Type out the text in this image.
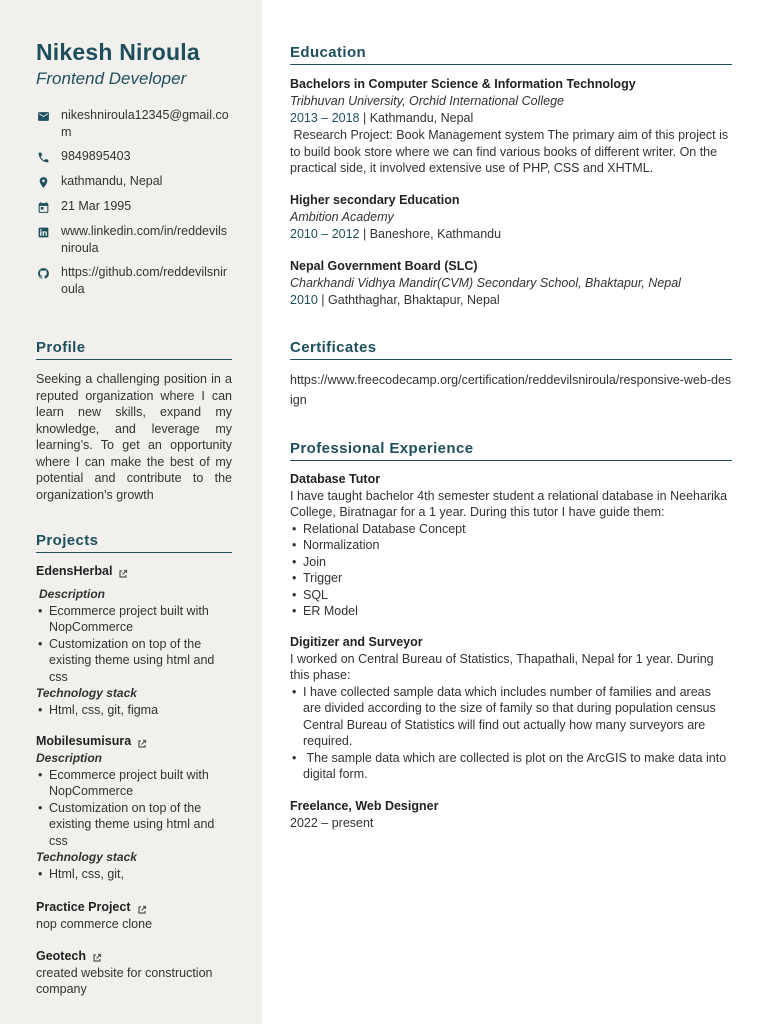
Nikesh Niroula
Frontend Developer
nikeshniroula12345@gmail.com
9849895403
kathmandu, Nepal
21 Mar 1995
www.linkedin.com/in/reddevilsniroula
https://github.com/reddevilsniroula
Profile
Seeking a challenging position in a reputed organization where I can learn new skills, expand my knowledge, and leverage my learning’s. To get an opportunity where I can make the best of my potential and contribute to the organization's growth
Projects
EdensHerbal
Description
• Ecommerce project built with NopCommerce
• Customization on top of the existing theme using html and css
Technology stack
• Html, css, git, figma
Mobilesumisura
Description
• Ecommerce project built with NopCommerce
• Customization on top of the existing theme using html and css
Technology stack
• Html, css, git,
Practice Project
nop commerce clone
Geotech
created website for construction company
Education
Bachelors in Computer Science & Information Technology
Tribhuvan University, Orchid International College
2013 – 2018 | Kathmandu, Nepal
Research Project: Book Management system The primary aim of this project is to build book store where we can find various books of different writer. On the practical side, it involved extensive use of PHP, CSS and XHTML.
Higher secondary Education
Ambition Academy
2010 – 2012 | Baneshore, Kathmandu
Nepal Government Board (SLC)
Charkhandi Vidhya Mandir(CVM) Secondary School, Bhaktapur, Nepal
2010 | Gaththaghar, Bhaktapur, Nepal
Certificates
https://www.freecodecamp.org/certification/reddevilsniroula/responsive-web-design
Professional Experience
Database Tutor
I have taught bachelor 4th semester student a relational database in Neeharika College, Biratnagar for a 1 year. During this tutor I have guide them:
• Relational Database Concept
• Normalization
• Join
• Trigger
• SQL
• ER Model
Digitizer and Surveyor
I worked on Central Bureau of Statistics, Thapathali, Nepal for 1 year. During this phase:
• I have collected sample data which includes number of families and areas are divided according to the size of family so that during population census Central Bureau of Statistics will find out actually how many surveyors are required.
•  The sample data which are collected is plot on the ArcGIS to make data into digital form.
Freelance, Web Designer
2022 – present
